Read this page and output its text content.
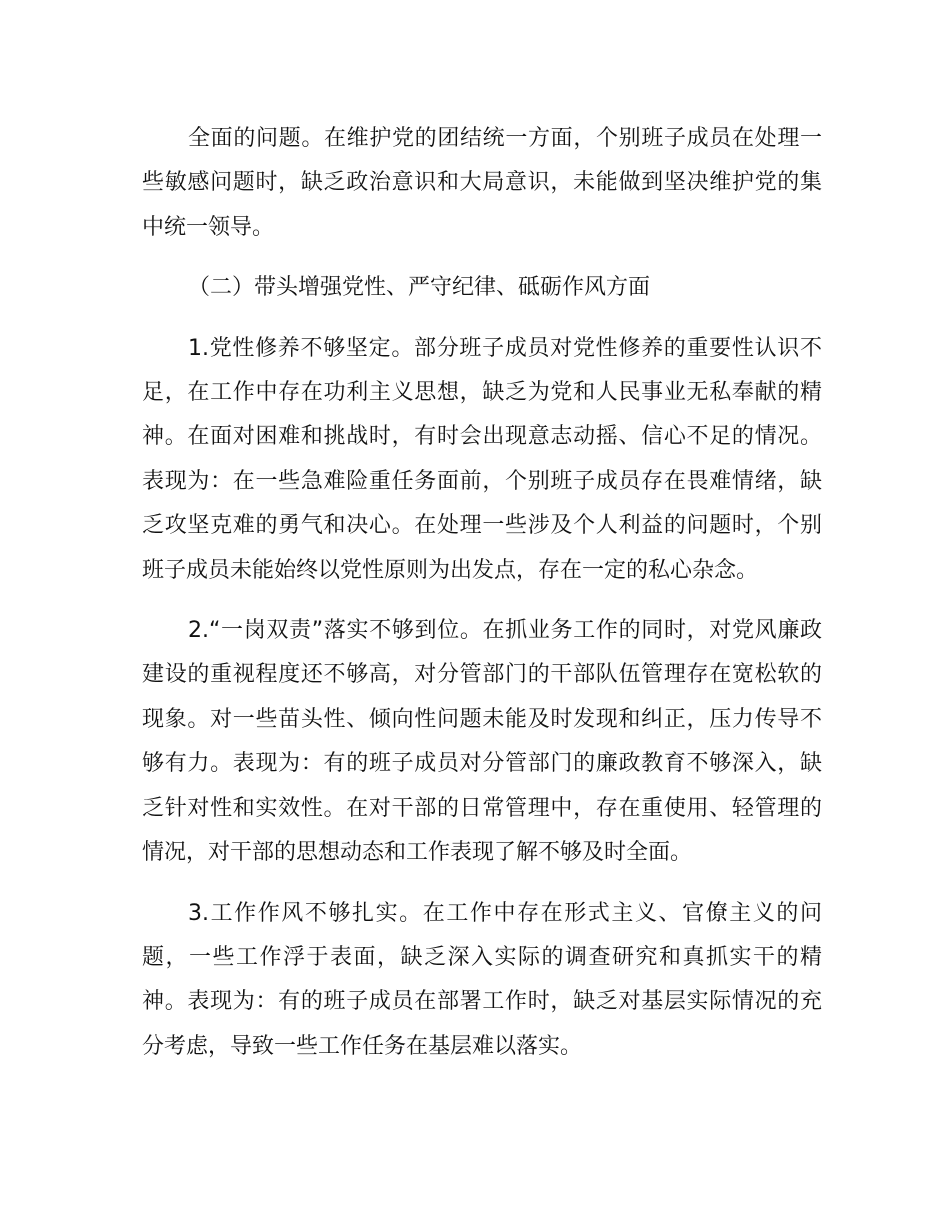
全面的问题。在维护党的团结统一方面，个别班子成员在处理一些敏感问题时，缺乏政治意识和大局意识，未能做到坚决维护党的集中统一领导。

（二）带头增强党性、严守纪律、砥砺作风方面

1.党性修养不够坚定。部分班子成员对党性修养的重要性认识不足，在工作中存在功利主义思想，缺乏为党和人民事业无私奉献的精神。在面对困难和挑战时，有时会出现意志动摇、信心不足的情况。表现为：在一些急难险重任务面前，个别班子成员存在畏难情绪，缺乏攻坚克难的勇气和决心。在处理一些涉及个人利益的问题时，个别班子成员未能始终以党性原则为出发点，存在一定的私心杂念。

2.“一岗双责”落实不够到位。在抓业务工作的同时，对党风廉政建设的重视程度还不够高，对分管部门的干部队伍管理存在宽松软的现象。对一些苗头性、倾向性问题未能及时发现和纠正，压力传导不够有力。表现为：有的班子成员对分管部门的廉政教育不够深入，缺乏针对性和实效性。在对干部的日常管理中，存在重使用、轻管理的情况，对干部的思想动态和工作表现了解不够及时全面。

3.工作作风不够扎实。在工作中存在形式主义、官僚主义的问题，一些工作浮于表面，缺乏深入实际的调查研究和真抓实干的精神。表现为：有的班子成员在部署工作时，缺乏对基层实际情况的充分考虑，导致一些工作任务在基层难以落实。
